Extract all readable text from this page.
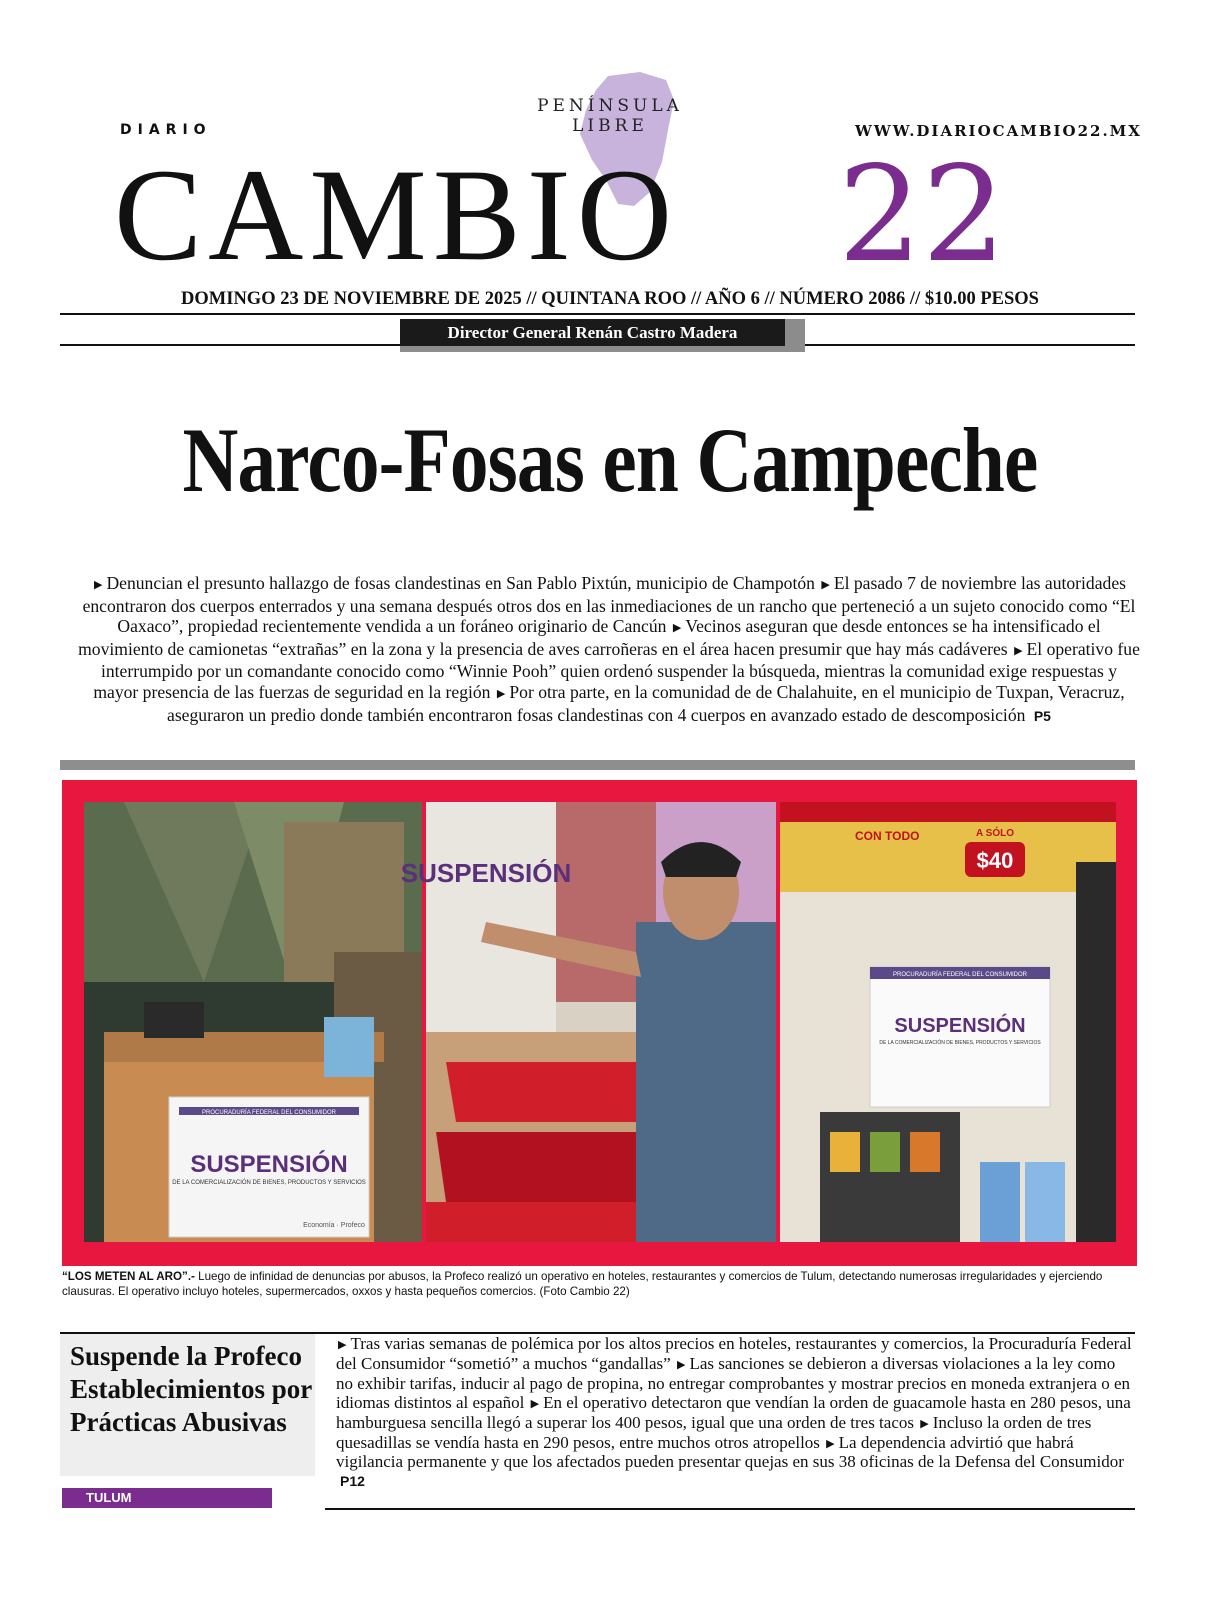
PENÍNSULA LIBRE
DIARIO	WWW.DIARIOCAMBIO22.MX
CAMBIO 22
DOMINGO 23 DE NOVIEMBRE DE 2025 // QUINTANA ROO // AÑO 6 // NÚMERO 2086 // $10.00 PESOS
Director General Renán Castro Madera
Narco-Fosas en Campeche
▶ Denuncian el presunto hallazgo de fosas clandestinas en San Pablo Pixtún, municipio de Champotón ▶ El pasado 7 de noviembre las autoridades encontraron dos cuerpos enterrados y una semana después otros dos en las inmediaciones de un rancho que perteneció a un sujeto conocido como “El Oaxaco”, propiedad recientemente vendida a un foráneo originario de Cancún ▶ Vecinos aseguran que desde entonces se ha intensificado el movimiento de camionetas “extrañas” en la zona y la presencia de aves carroñeras en el área hacen presumir que hay más cadáveres ▶ El operativo fue interrumpido por un comandante conocido como “Winnie Pooh” quien ordenó suspender la búsqueda, mientras la comunidad exige respuestas y mayor presencia de las fuerzas de seguridad en la región ▶ Por otra parte, en la comunidad de de Chalahuite, en el municipio de Tuxpan, Veracruz, aseguraron un predio donde también encontraron fosas clandestinas con 4 cuerpos en avanzado estado de descomposición P5
PROCURADURÍA FEDERAL DEL CONSUMIDOR
SUSPENSIÓN
DE LA COMERCIALIZACIÓN DE BIENES, PRODUCTOS Y SERVICIOS
Economía · Profeco
SUSPENSIÓN
CON TODO	A SÓLO
$40
PROCURADURÍA FEDERAL DEL CONSUMIDOR
SUSPENSIÓN
DE LA COMERCIALIZACIÓN DE BIENES, PRODUCTOS Y SERVICIOS
“LOS METEN AL ARO”.- Luego de infinidad de denuncias por abusos, la Profeco realizó un operativo en hoteles, restaurantes y comercios de Tulum, detectando numerosas irregularidades y ejerciendo clausuras. El operativo incluyo hoteles, supermercados, oxxos y hasta pequeños comercios. (Foto Cambio 22)
Suspende la Profeco Establecimientos por Prácticas Abusivas
TULUM
▶ Tras varias semanas de polémica por los altos precios en hoteles, restaurantes y comercios, la Procuraduría Federal del Consumidor “sometió” a muchos “gandallas” ▶ Las sanciones se debieron a diversas violaciones a la ley como no exhibir tarifas, inducir al pago de propina, no entregar comprobantes y mostrar precios en moneda extranjera o en idiomas distintos al español ▶ En el operativo detectaron que vendían la orden de guacamole hasta en 280 pesos, una hamburguesa sencilla llegó a superar los 400 pesos, igual que una orden de tres tacos ▶ Incluso la orden de tres quesadillas se vendía hasta en 290 pesos, entre muchos otros atropellos ▶ La dependencia advirtió que habrá vigilancia permanente y que los afectados pueden presentar quejas en sus 38 oficinas de la Defensa del Consumidor P12
